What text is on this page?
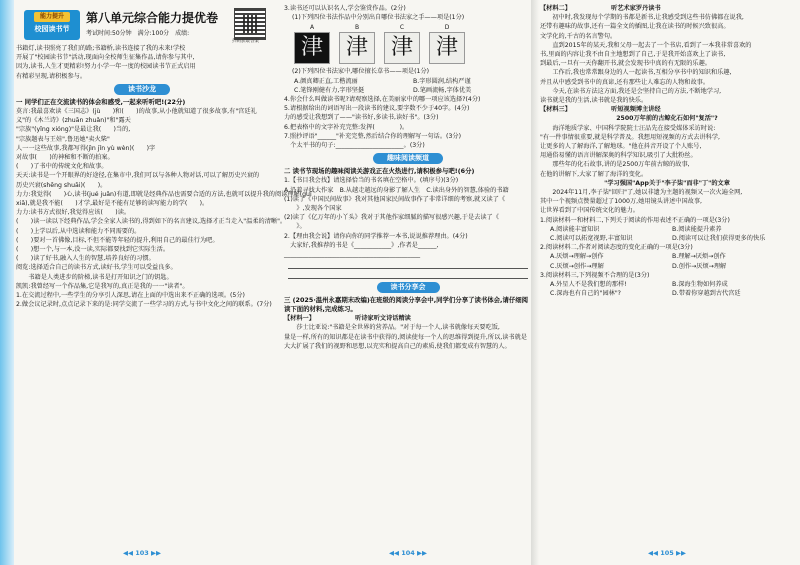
能力提升
校园读书节
第八单元综合能力提优卷
考试时间:50分钟　满分:100分　成绩:
扫码获取答案
书籍灯,读书照亮了我们的路;书籍桥,读书连接了我的未来!学校
开展了"校园读书节"活动,现面向全校师生征集作品,请你参与其中,
因为,读书,人生才更精彩!努力小学一年一度的校园读书节正式启用
有精彩呈现,请积极参与。
读书沙龙
一 同学们正在交流读书的体会和感受,一起来听听吧!(22分)
莫言:我最喜欢读《三国志》(jù　　)和(　　)的故事,从小他就知道了很多故事,有"宫廷礼
义"的《木兰诗》(zhuān zhuǎn)"和"露天
"宗族"(yǐng xióng)"是最让我(　　)当的,
"宗族题表与王娃",鲁迅她"卖火柴"
人一一这些故事,我都写得(jìn jǐn yù wèn)(　　)字
对故事(　　)的神秘和不断的拍案。
(　　)了书中的传统文化和故事。
天天:读书是一个开眼界的好途径,在集市中,我们可以与各种人物对话,可以了解历史兴衰的
历史兴衰(shēng shuāi)(　　)。
力力:我觉得(　　)心,读书(jué juǎn)有道,即就是经典作品也需要合适的方法,也就可以提升我的阅读理解(guī
xiā),就是我不能(　　)才学,最好是不能有足够的读写能力的学(　　)。
力力:读书方式很好,我觉得应该(　　)读。
(　　)读一读以下经典作品,学会全家人读书的,得到如下的名言建议,选择才正当走入"温柔的清晰"。
(　　)上学以后,从中选读和能力不同需要的。
(　　)要对一首佛像,目标,不但不能等年轻的提升,利用自己的最佳行为吧。
(　　)想一个,与一本,没一读,实际都要找到它实际生活。
(　　)读了好书,融入人生的智慧,培养良好的习惯。
阅览:选择适合自己的读书方式,读好书,学生可以受益良多。
　　书籍是人类进步的阶梯,读书是打开知识之门的钥匙。
凯凯:我曾经写一个作品集,它是我写的,真正是我的一一"读者"。
1.在交流过程中,一些学生的分享引人深思,请在上面的中选出来不正确的选项。(5分)
2.做会议记录时,点点记录下来的是:同学交流了一些学习的方式,与书中文化之间的联系。(7分)
◀◀ 103 ▶▶
3.读书还可以认识名人,学会鉴赏作品。(2分)
(1)下列四位书法作品中分别出自哪位书法家之手——项是(1分)
A
津
B
津
C
津
D
津
(2)下列四位书法家中,哪位擅长草书——项是(1分)
A.颜真卿正直,工楷流丽	B.字形圆润,结构严谨
C.笔锋刚健有力,字形坚挺	D.笔画流畅,字体优美
4.你会什么叫做读书呢?请观察选择,在美丽家中的哪一项应该选择?(4分)
5.请根据给出的词语写出一段读书的建议,要字数不少于40字。(4分)
力的感受让我想到了——"读书好,多读书,读好书"。(3分)
6.把表格中的文字补充完整:发挥(　　　　)。
7.照抄评语"______"补充完整,然后结合你的理解写一句话。(3分)
　个太平书的句子:______________________。(3分)
趣味阅读频道
二 读书节现场的趣味阅读关游戏正在火热进行,请积极参与吧!(6分)
1.【书目我会找】请选择恰当的书名填在空格中。(填序号)(3分)
A.沿着寻找大作家　B.从越走越远的身影了解人生　C.读出身外的智慧,体验的书籍
(1)读了《中国民间故事》我对其他国家民间故事作了非常详细的考察,就又读了《
　　》,发现各个国家
(2)读了《亿万年的小丫头》我对于其他作家细腻的描写很感兴趣,于是去读了《
　　》。
2.【理由我会说】请你向你的同学推荐一本书,说说推荐理由。(4分)
　大家好,我推荐的书是《____________》,作者是______,
____________________________________________
读书分享会
三 (2025·温州永嘉期末改编)在班级的阅读分享会中,同学们分享了读书体会,请仔细阅读下面的材料,完成练习。
【材料一】　　　　　　　听诗家听文诗话精读
　　莎士比亚说:"书籍是全世界的营养品。"对于每一个人,读书就像每天要吃饭,
量是一样,所有的知识都是在读书中获得的,阅读使每一个人的思维得到提升,所以,读书就是
大大扩展了我们的视野和思想,以充实和提高自己的素质,使我们都变成有智慧的人。
◀◀ 104 ▶▶
【材料二】　　　　　　　听艺术家罗丹读书
　　初中时,我发现每个学期的书都是新书,让我感受到这些书仿佛都在说我,
还带有趣味的故事,还有一篇全文的插图,让我在读书的时候兴致很高。
文学化的,千古的名言警句。
　　直到2015年的某天,我和父母一起去了一个书店,看到了一本我非常喜欢的
书,里面的内容让我不由自主地想到了自己,于是我开始喜欢上了读书,
到最后,一旦有一天你翻开书,就会发现书中真的有无限的乐趣。
　　工作后,我也常常跟身边的人一起读书,互相分享书中的知识和乐趣,
并且从中感受到书中的真谛,还有那些让人难忘的人物和故事。
　　今天,在读书方法这方面,我还是会坚持自己的方法,不断地学习,
读书就是我的生活,读书就是我的快乐。
【材料三】　　　　　　　听短视频博主讲经
2500万年前的古鲸化石如何"复活"?
　　海洋地质学家、中国科学院院士汪品先在接受媒体采访时说:
"有一件事情很重要,就是科学普及。我想用短视频的方式去讲科学,
让更多的人了解海洋,了解地球。"他在抖音开设了个人账号,
用通俗易懂的语言讲解深奥的科学知识,吸引了大批粉丝。
　　那些年的化石故事,讲的是2500万年前古鲸的故事,
在他的讲解下,大家了解了海洋的变化。
"学习强国"App关于"李子柒"而非"丁"的文章
　　2024年11月,李子柒"回归"了,她以非遗为主题的视频又一次火遍全网,
其中一个视频点赞量超过了1000万,她用镜头讲述中国故事,
让世界看到了中国传统文化的魅力。
1.阅读材料一和材料二,下列关于阅读的作用表述不正确的一项是(3分)
A.阅读能丰富知识	B.阅读能提升素养
C.阅读可以拓宽视野,丰富知识	D.阅读可以让我们获得更多的快乐
2.阅读材料二,作者对阅读态度的变化正确的一项是(3分)
A.厌烦→理解→创作	B.理解→厌烦→创作
C.厌烦→创作→理解	D.创作→厌烦→理解
3.阅读材料三,下列视频不合理的是(3分)
A.外星人不是我们想的那样!	B.深海生物如何养成
C.深海也有自己的"园林"?	D.带着你穿越到古代宫廷
◀◀ 105 ▶▶
